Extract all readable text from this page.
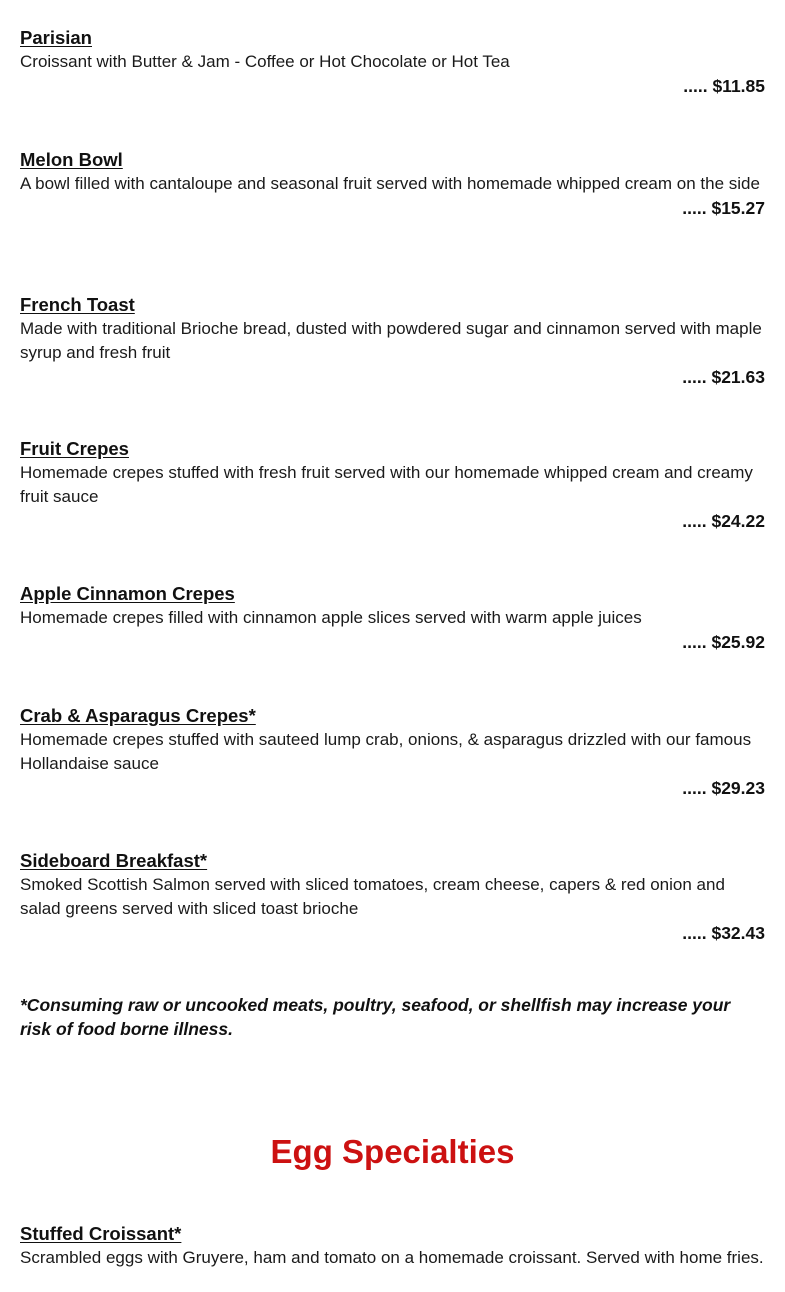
Parisian

Croissant with Butter & Jam - Coffee or Hot Chocolate or Hot Tea

..... $11.85

Melon Bowl

A bowl filled with cantaloupe and seasonal fruit served with homemade whipped cream on the side

..... $15.27

French Toast

Made with traditional Brioche bread, dusted with powdered sugar and cinnamon served with maple syrup and fresh fruit

..... $21.63

Fruit Crepes

Homemade crepes stuffed with fresh fruit served with our homemade whipped cream and creamy fruit sauce

..... $24.22

Apple Cinnamon Crepes

Homemade crepes filled with cinnamon apple slices served with warm apple juices

..... $25.92

Crab & Asparagus Crepes*

Homemade crepes stuffed with sauteed lump crab, onions, & asparagus drizzled with our famous Hollandaise sauce

..... $29.23

Sideboard Breakfast*

Smoked Scottish Salmon served with sliced tomatoes, cream cheese, capers & red onion and salad greens served with sliced toast brioche

..... $32.43

*Consuming raw or uncooked meats, poultry, seafood, or shellfish may increase your risk of food borne illness.

Egg Specialties

Stuffed Croissant*

Scrambled eggs with Gruyere, ham and tomato on a homemade croissant. Served with home fries.
